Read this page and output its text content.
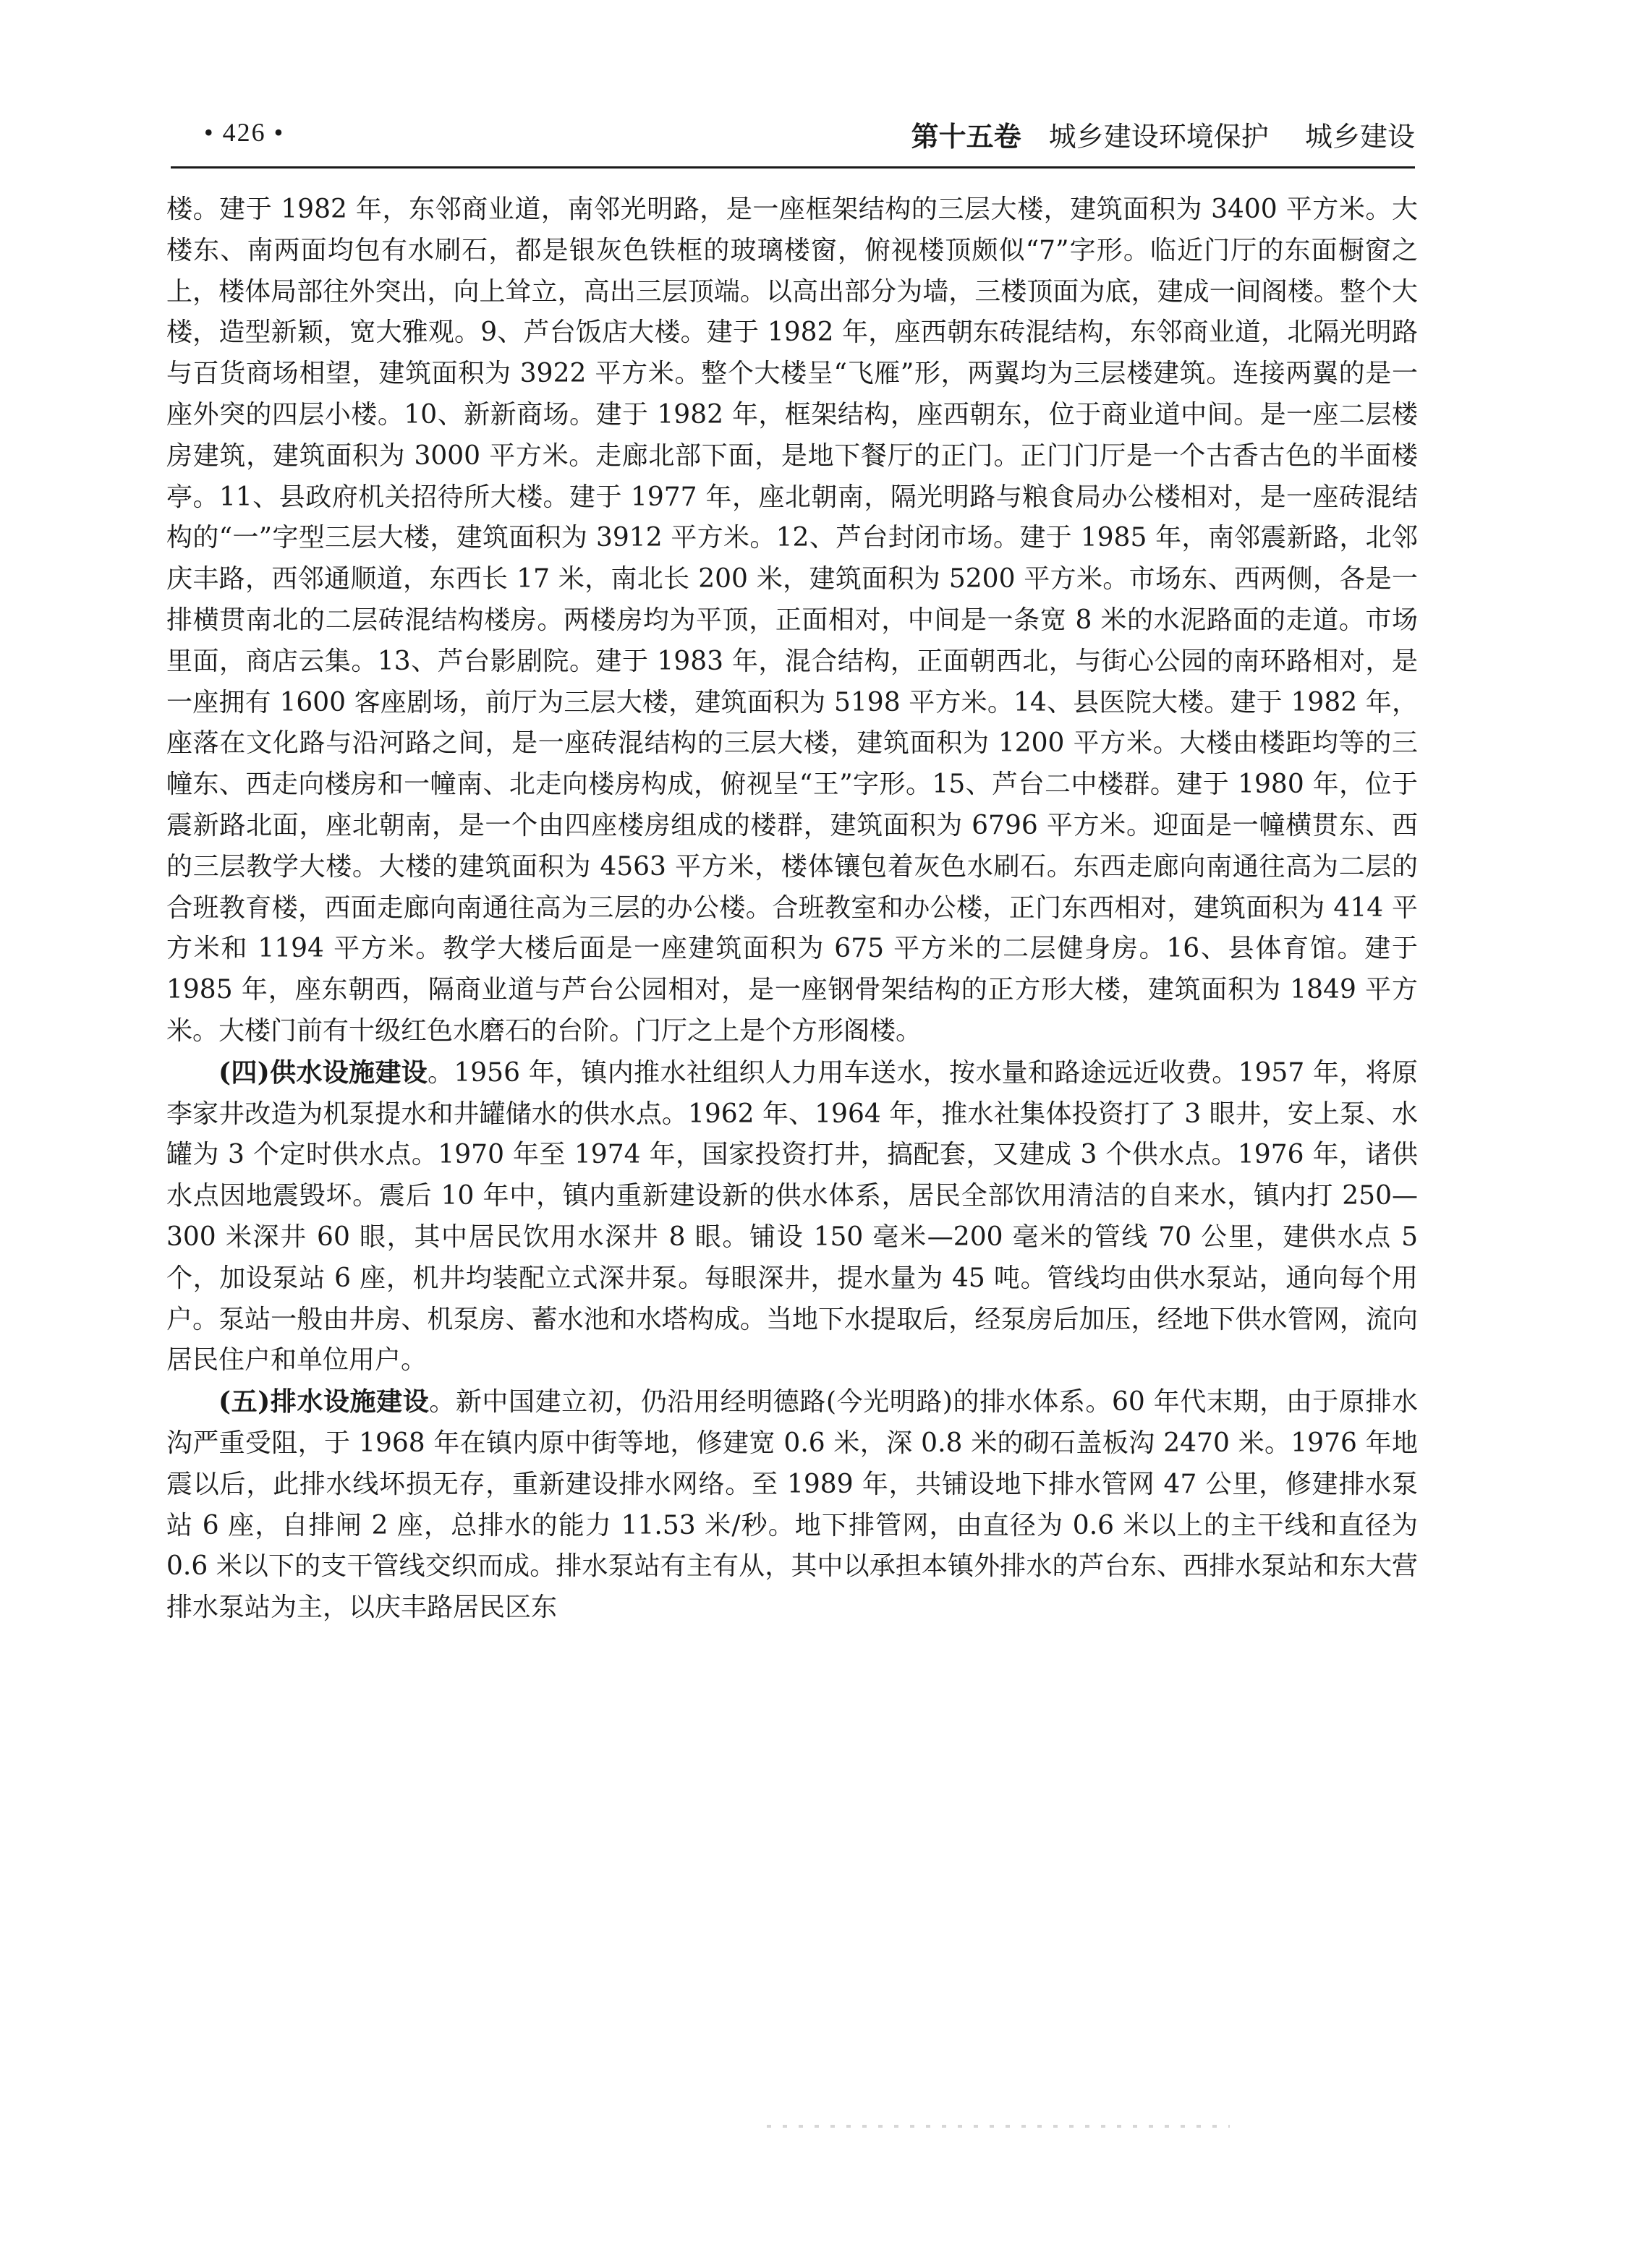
• 426 •	第十五卷 城乡建设环境保护 城乡建设

楼。建于 1982 年，东邻商业道，南邻光明路，是一座框架结构的三层大楼，建筑面积为 3400 平方米。大楼东、南两面均包有水刷石，都是银灰色铁框的玻璃楼窗，俯视楼顶颇似“7”字形。临近门厅的东面橱窗之上，楼体局部往外突出，向上耸立，高出三层顶端。以高出部分为墙，三楼顶面为底，建成一间阁楼。整个大楼，造型新颖，宽大雅观。9、芦台饭店大楼。建于 1982 年，座西朝东砖混结构，东邻商业道，北隔光明路与百货商场相望，建筑面积为 3922 平方米。整个大楼呈“飞雁”形，两翼均为三层楼建筑。连接两翼的是一座外突的四层小楼。10、新新商场。建于 1982 年，框架结构，座西朝东，位于商业道中间。是一座二层楼房建筑，建筑面积为 3000 平方米。走廊北部下面，是地下餐厅的正门。正门门厅是一个古香古色的半面楼亭。11、县政府机关招待所大楼。建于 1977 年，座北朝南，隔光明路与粮食局办公楼相对，是一座砖混结构的“一”字型三层大楼，建筑面积为 3912 平方米。12、芦台封闭市场。建于 1985 年，南邻震新路，北邻庆丰路，西邻通顺道，东西长 17 米，南北长 200 米，建筑面积为 5200 平方米。市场东、西两侧，各是一排横贯南北的二层砖混结构楼房。两楼房均为平顶，正面相对，中间是一条宽 8 米的水泥路面的走道。市场里面，商店云集。13、芦台影剧院。建于 1983 年，混合结构，正面朝西北，与街心公园的南环路相对，是一座拥有 1600 客座剧场，前厅为三层大楼，建筑面积为 5198 平方米。14、县医院大楼。建于 1982 年，座落在文化路与沿河路之间，是一座砖混结构的三层大楼，建筑面积为 1200 平方米。大楼由楼距均等的三幢东、西走向楼房和一幢南、北走向楼房构成，俯视呈“王”字形。15、芦台二中楼群。建于 1980 年，位于震新路北面，座北朝南，是一个由四座楼房组成的楼群，建筑面积为 6796 平方米。迎面是一幢横贯东、西的三层教学大楼。大楼的建筑面积为 4563 平方米，楼体镶包着灰色水刷石。东西走廊向南通往高为二层的合班教育楼，西面走廊向南通往高为三层的办公楼。合班教室和办公楼，正门东西相对，建筑面积为 414 平方米和 1194 平方米。教学大楼后面是一座建筑面积为 675 平方米的二层健身房。16、县体育馆。建于 1985 年，座东朝西，隔商业道与芦台公园相对，是一座钢骨架结构的正方形大楼，建筑面积为 1849 平方米。大楼门前有十级红色水磨石的台阶。门厅之上是个方形阁楼。

(四)供水设施建设。1956 年，镇内推水社组织人力用车送水，按水量和路途远近收费。1957 年，将原李家井改造为机泵提水和井罐储水的供水点。1962 年、1964 年，推水社集体投资打了 3 眼井，安上泵、水罐为 3 个定时供水点。1970 年至 1974 年，国家投资打井，搞配套，又建成 3 个供水点。1976 年，诸供水点因地震毁坏。震后 10 年中，镇内重新建设新的供水体系，居民全部饮用清洁的自来水，镇内打 250—300 米深井 60 眼，其中居民饮用水深井 8 眼。铺设 150 毫米—200 毫米的管线 70 公里，建供水点 5 个，加设泵站 6 座，机井均装配立式深井泵。每眼深井，提水量为 45 吨。管线均由供水泵站，通向每个用户。泵站一般由井房、机泵房、蓄水池和水塔构成。当地下水提取后，经泵房后加压，经地下供水管网，流向居民住户和单位用户。

(五)排水设施建设。新中国建立初，仍沿用经明德路(今光明路)的排水体系。60 年代末期，由于原排水沟严重受阻，于 1968 年在镇内原中街等地，修建宽 0.6 米，深 0.8 米的砌石盖板沟 2470 米。1976 年地震以后，此排水线坏损无存，重新建设排水网络。至 1989 年，共铺设地下排水管网 47 公里，修建排水泵站 6 座，自排闸 2 座，总排水的能力 11.53 米/秒。地下排管网，由直径为 0.6 米以上的主干线和直径为 0.6 米以下的支干管线交织而成。排水泵站有主有从，其中以承担本镇外排水的芦台东、西排水泵站和东大营排水泵站为主，以庆丰路居民区东
